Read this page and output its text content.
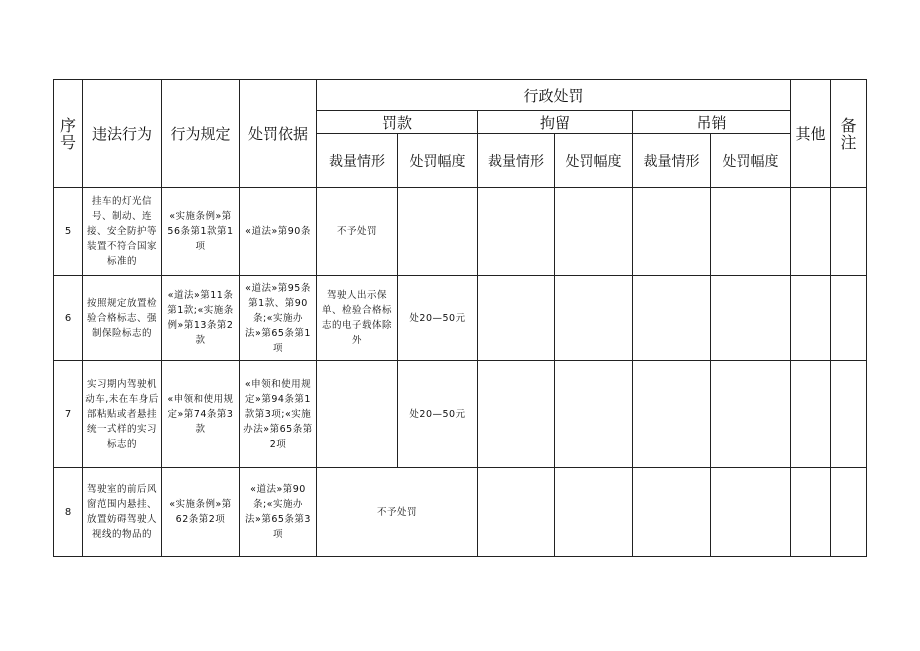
序号	违法行为	行为规定	处罚依据	行政处罚						其他	备注
				罚款		拘留		吊销			
				裁量情形	处罚幅度	裁量情形	处罚幅度	裁量情形	处罚幅度		
5	挂车的灯光信号、制动、连接、安全防护等装置不符合国家标准的	«实施条例»第56条第1款第1项	«道法»第90条	不予处罚							
6	按照规定放置检验合格标志、强制保险标志的	«道法»第11条第1款;«实施条例»第13条第2款	«道法»第95条第1款、第90条;«实施办法»第65条第1项	驾驶人出示保单、检验合格标志的电子载体除外	处20—50元						
7	实习期内驾驶机动车,未在车身后部粘贴或者悬挂统一式样的实习标志的	«申领和使用规定»第74条第3款	«申领和使用规定»第94条第1款第3项;«实施办法»第65条第2项		处20—50元						
8	驾驶室的前后风窗范围内悬挂、放置妨碍驾驶人视线的物品的	«实施条例»第62条第2项	«道法»第90条;«实施办法»第65条第3项	不予处罚							
